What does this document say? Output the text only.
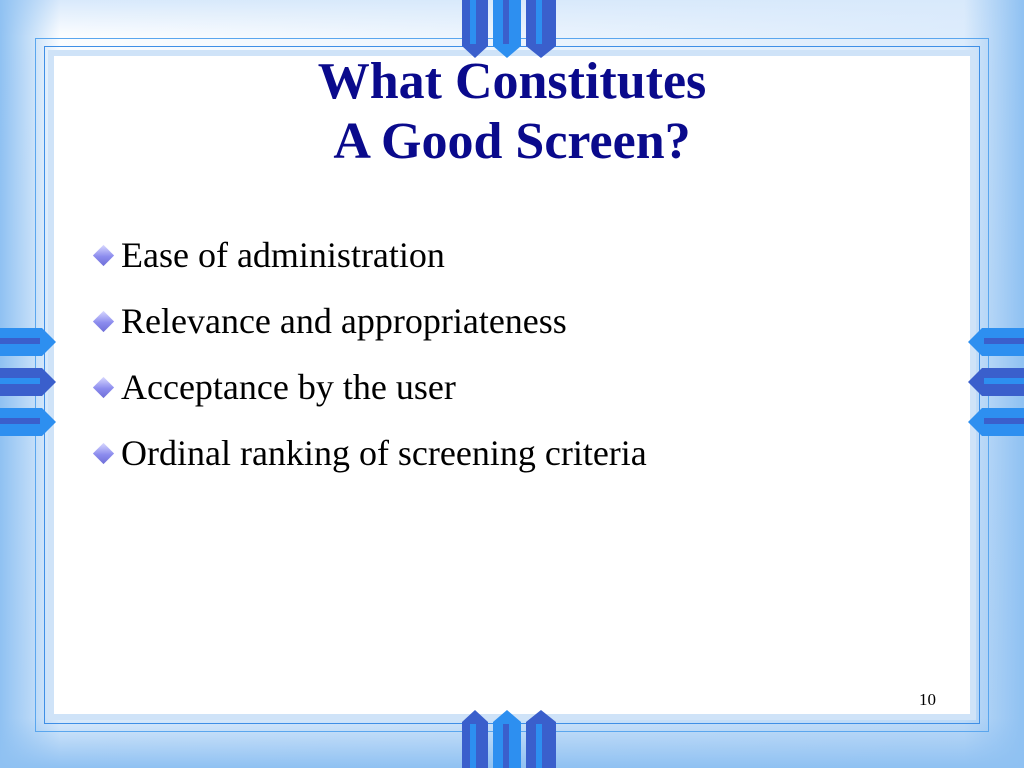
What Constitutes
A Good Screen?
Ease of administration
Relevance and appropriateness
Acceptance by the user
Ordinal ranking of screening criteria
10
